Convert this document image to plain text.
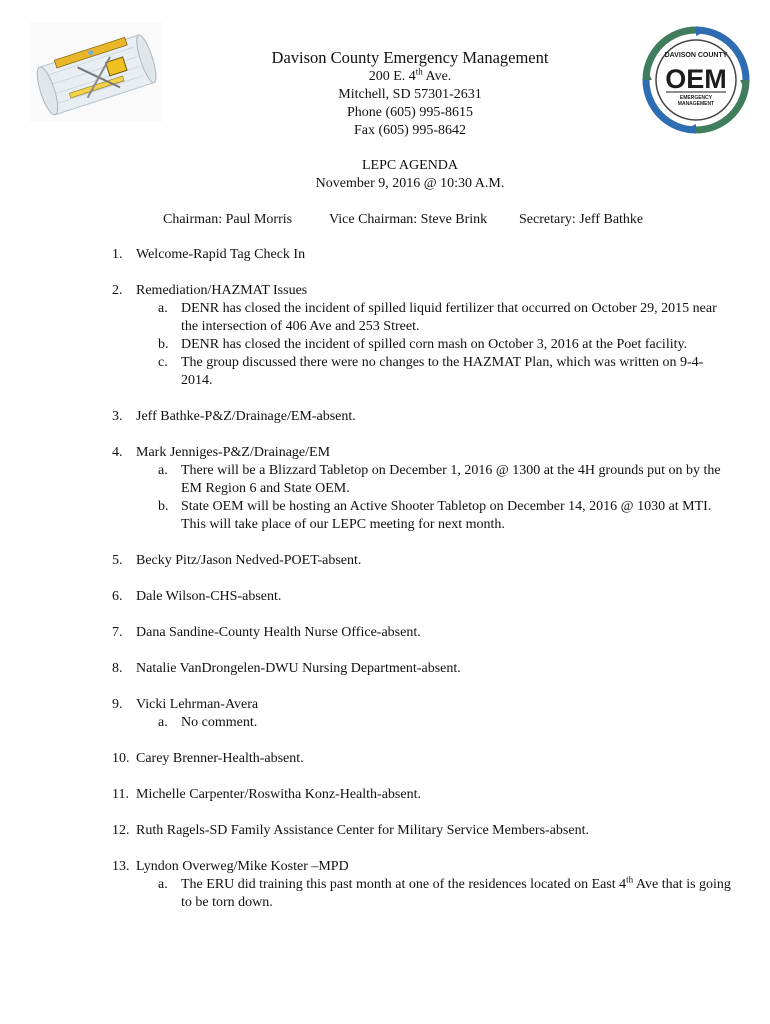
DAVISON COUNTY
OEM
EMERGENCY
MANAGEMENT
Davison County Emergency Management
200 E. 4th Ave.
Mitchell, SD 57301-2631
Phone (605) 995-8615
Fax (605) 995-8642
LEPC AGENDA
November 9, 2016 @ 10:30 A.M.
Chairman: Paul Morris	Vice Chairman: Steve Brink Secretary: Jeff Bathke
1. Welcome-Rapid Tag Check In
2. Remediation/HAZMAT Issues
a. DENR has closed the incident of spilled liquid fertilizer that occurred on October 29, 2015 near the intersection of 406 Ave and 253 Street.
b. DENR has closed the incident of spilled corn mash on October 3, 2016 at the Poet facility.
c. The group discussed there were no changes to the HAZMAT Plan, which was written on 9-4-2014.
3. Jeff Bathke-P&Z/Drainage/EM-absent.
4. Mark Jenniges-P&Z/Drainage/EM
a. There will be a Blizzard Tabletop on December 1, 2016 @ 1300 at the 4H grounds put on by the EM Region 6 and State OEM.
b. State OEM will be hosting an Active Shooter Tabletop on December 14, 2016 @ 1030 at MTI. This will take place of our LEPC meeting for next month.
5. Becky Pitz/Jason Nedved-POET-absent.
6. Dale Wilson-CHS-absent.
7. Dana Sandine-County Health Nurse Office-absent.
8. Natalie VanDrongelen-DWU Nursing Department-absent.
9. Vicki Lehrman-Avera
a. No comment.
10. Carey Brenner-Health-absent.
11. Michelle Carpenter/Roswitha Konz-Health-absent.
12. Ruth Ragels-SD Family Assistance Center for Military Service Members-absent.
13. Lyndon Overweg/Mike Koster –MPD
a. The ERU did training this past month at one of the residences located on East 4th Ave that is going to be torn down.
